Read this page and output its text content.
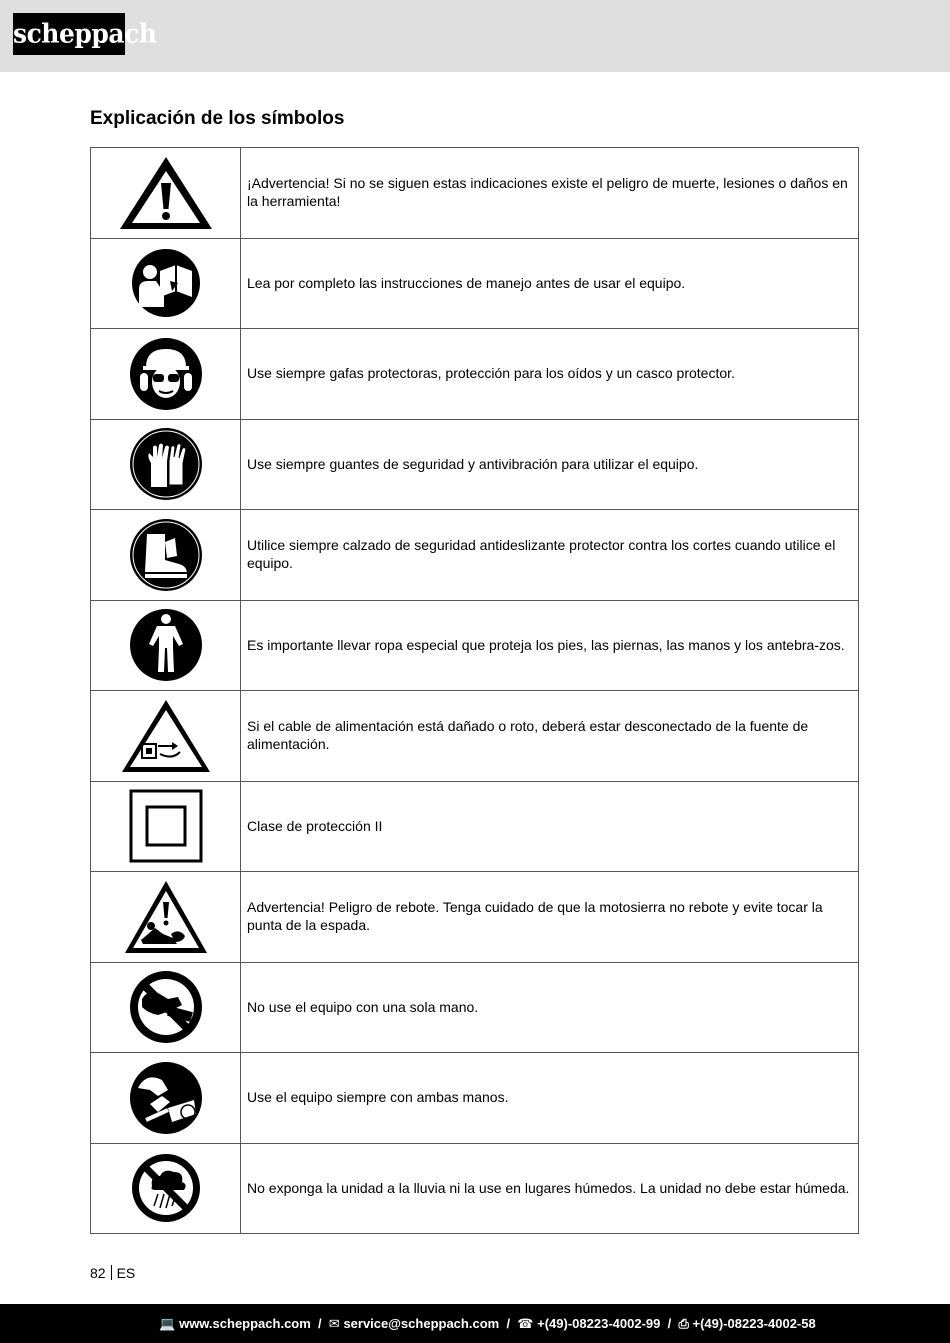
scheppach
Explicación de los símbolos
	¡Advertencia! Si no se siguen estas indicaciones existe el peligro de muerte, lesiones o daños en la herramienta!

	Lea por completo las instrucciones de manejo antes de usar el equipo.

	Use siempre gafas protectoras, protección para los oídos y un casco protector.

	Use siempre guantes de seguridad y antivibración para utilizar el equipo.

	Utilice siempre calzado de seguridad antideslizante protector contra los cortes cuando utilice el equipo.

	Es importante llevar ropa especial que proteja los pies, las piernas, las manos y los antebra-zos.

	Si el cable de alimentación está dañado o roto, deberá estar desconectado de la fuente de alimentación.

	Clase de protección II

	Advertencia! Peligro de rebote. Tenga cuidado de que la motosierra no rebote y evite tocar la punta de la espada.

	No use el equipo con una sola mano.

	Use el equipo siempre con ambas manos.

	No exponga la unidad a la lluvia ni la use en lugares húmedos. La unidad no debe estar húmeda.
82 ES
💻 www.scheppach.com  /  ✉ service@scheppach.com  /  ☎ +(49)-08223-4002-99  /  ⎙ +(49)-08223-4002-58
